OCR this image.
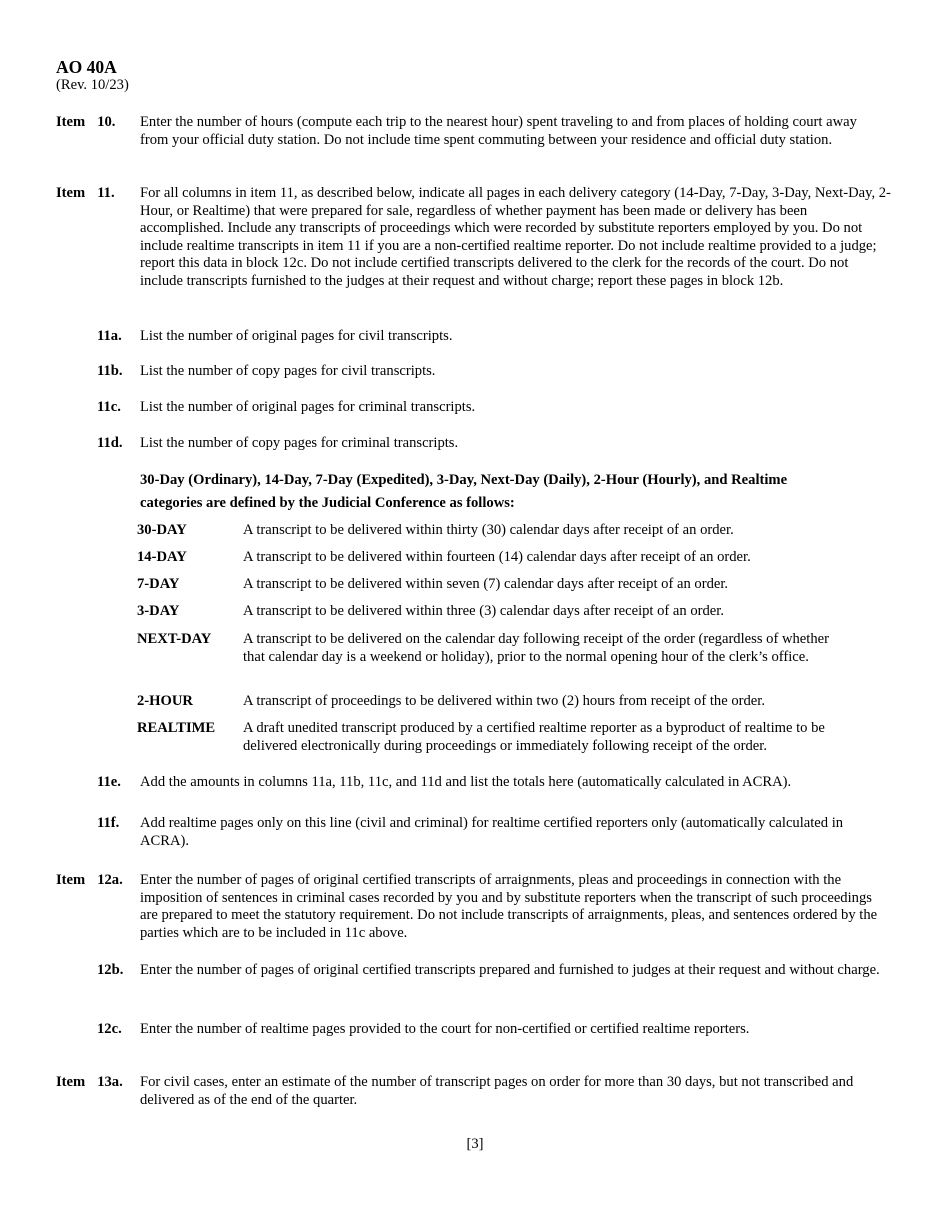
AO 40A
(Rev. 10/23)
Item 10. Enter the number of hours (compute each trip to the nearest hour) spent traveling to and from places of holding court away from your official duty station. Do not include time spent commuting between your residence and official duty station.
Item 11. For all columns in item 11, as described below, indicate all pages in each delivery category (14-Day, 7-Day, 3-Day, Next-Day, 2-Hour, or Realtime) that were prepared for sale, regardless of whether payment has been made or delivery has been accomplished. Include any transcripts of proceedings which were recorded by substitute reporters employed by you. Do not include realtime transcripts in item 11 if you are a non-certified realtime reporter. Do not include realtime provided to a judge; report this data in block 12c. Do not include certified transcripts delivered to the clerk for the records of the court. Do not include transcripts furnished to the judges at their request and without charge; report these pages in block 12b.
11a. List the number of original pages for civil transcripts.
11b. List the number of copy pages for civil transcripts.
11c. List the number of original pages for criminal transcripts.
11d. List the number of copy pages for criminal transcripts.
30-Day (Ordinary), 14-Day, 7-Day (Expedited), 3-Day, Next-Day (Daily), 2-Hour (Hourly), and Realtime categories are defined by the Judicial Conference as follows:
30-DAY	A transcript to be delivered within thirty (30) calendar days after receipt of an order.
14-DAY	A transcript to be delivered within fourteen (14) calendar days after receipt of an order.
7-DAY	A transcript to be delivered within seven (7) calendar days after receipt of an order.
3-DAY	A transcript to be delivered within three (3) calendar days after receipt of an order.
NEXT-DAY A transcript to be delivered on the calendar day following receipt of the order (regardless of whether that calendar day is a weekend or holiday), prior to the normal opening hour of the clerk’s office.
2-HOUR	A transcript of proceedings to be delivered within two (2) hours from receipt of the order.
REALTIME A draft unedited transcript produced by a certified realtime reporter as a byproduct of realtime to be delivered electronically during proceedings or immediately following receipt of the order.
11e. Add the amounts in columns 11a, 11b, 11c, and 11d and list the totals here (automatically calculated in ACRA).
11f. Add realtime pages only on this line (civil and criminal) for realtime certified reporters only (automatically calculated in ACRA).
Item 12a. Enter the number of pages of original certified transcripts of arraignments, pleas and proceedings in connection with the imposition of sentences in criminal cases recorded by you and by substitute reporters when the transcript of such proceedings are prepared to meet the statutory requirement. Do not include transcripts of arraignments, pleas, and sentences ordered by the parties which are to be included in 11c above.
12b. Enter the number of pages of original certified transcripts prepared and furnished to judges at their request and without charge.
12c. Enter the number of realtime pages provided to the court for non-certified or certified realtime reporters.
Item 13a. For civil cases, enter an estimate of the number of transcript pages on order for more than 30 days, but not transcribed and delivered as of the end of the quarter.
[3]
